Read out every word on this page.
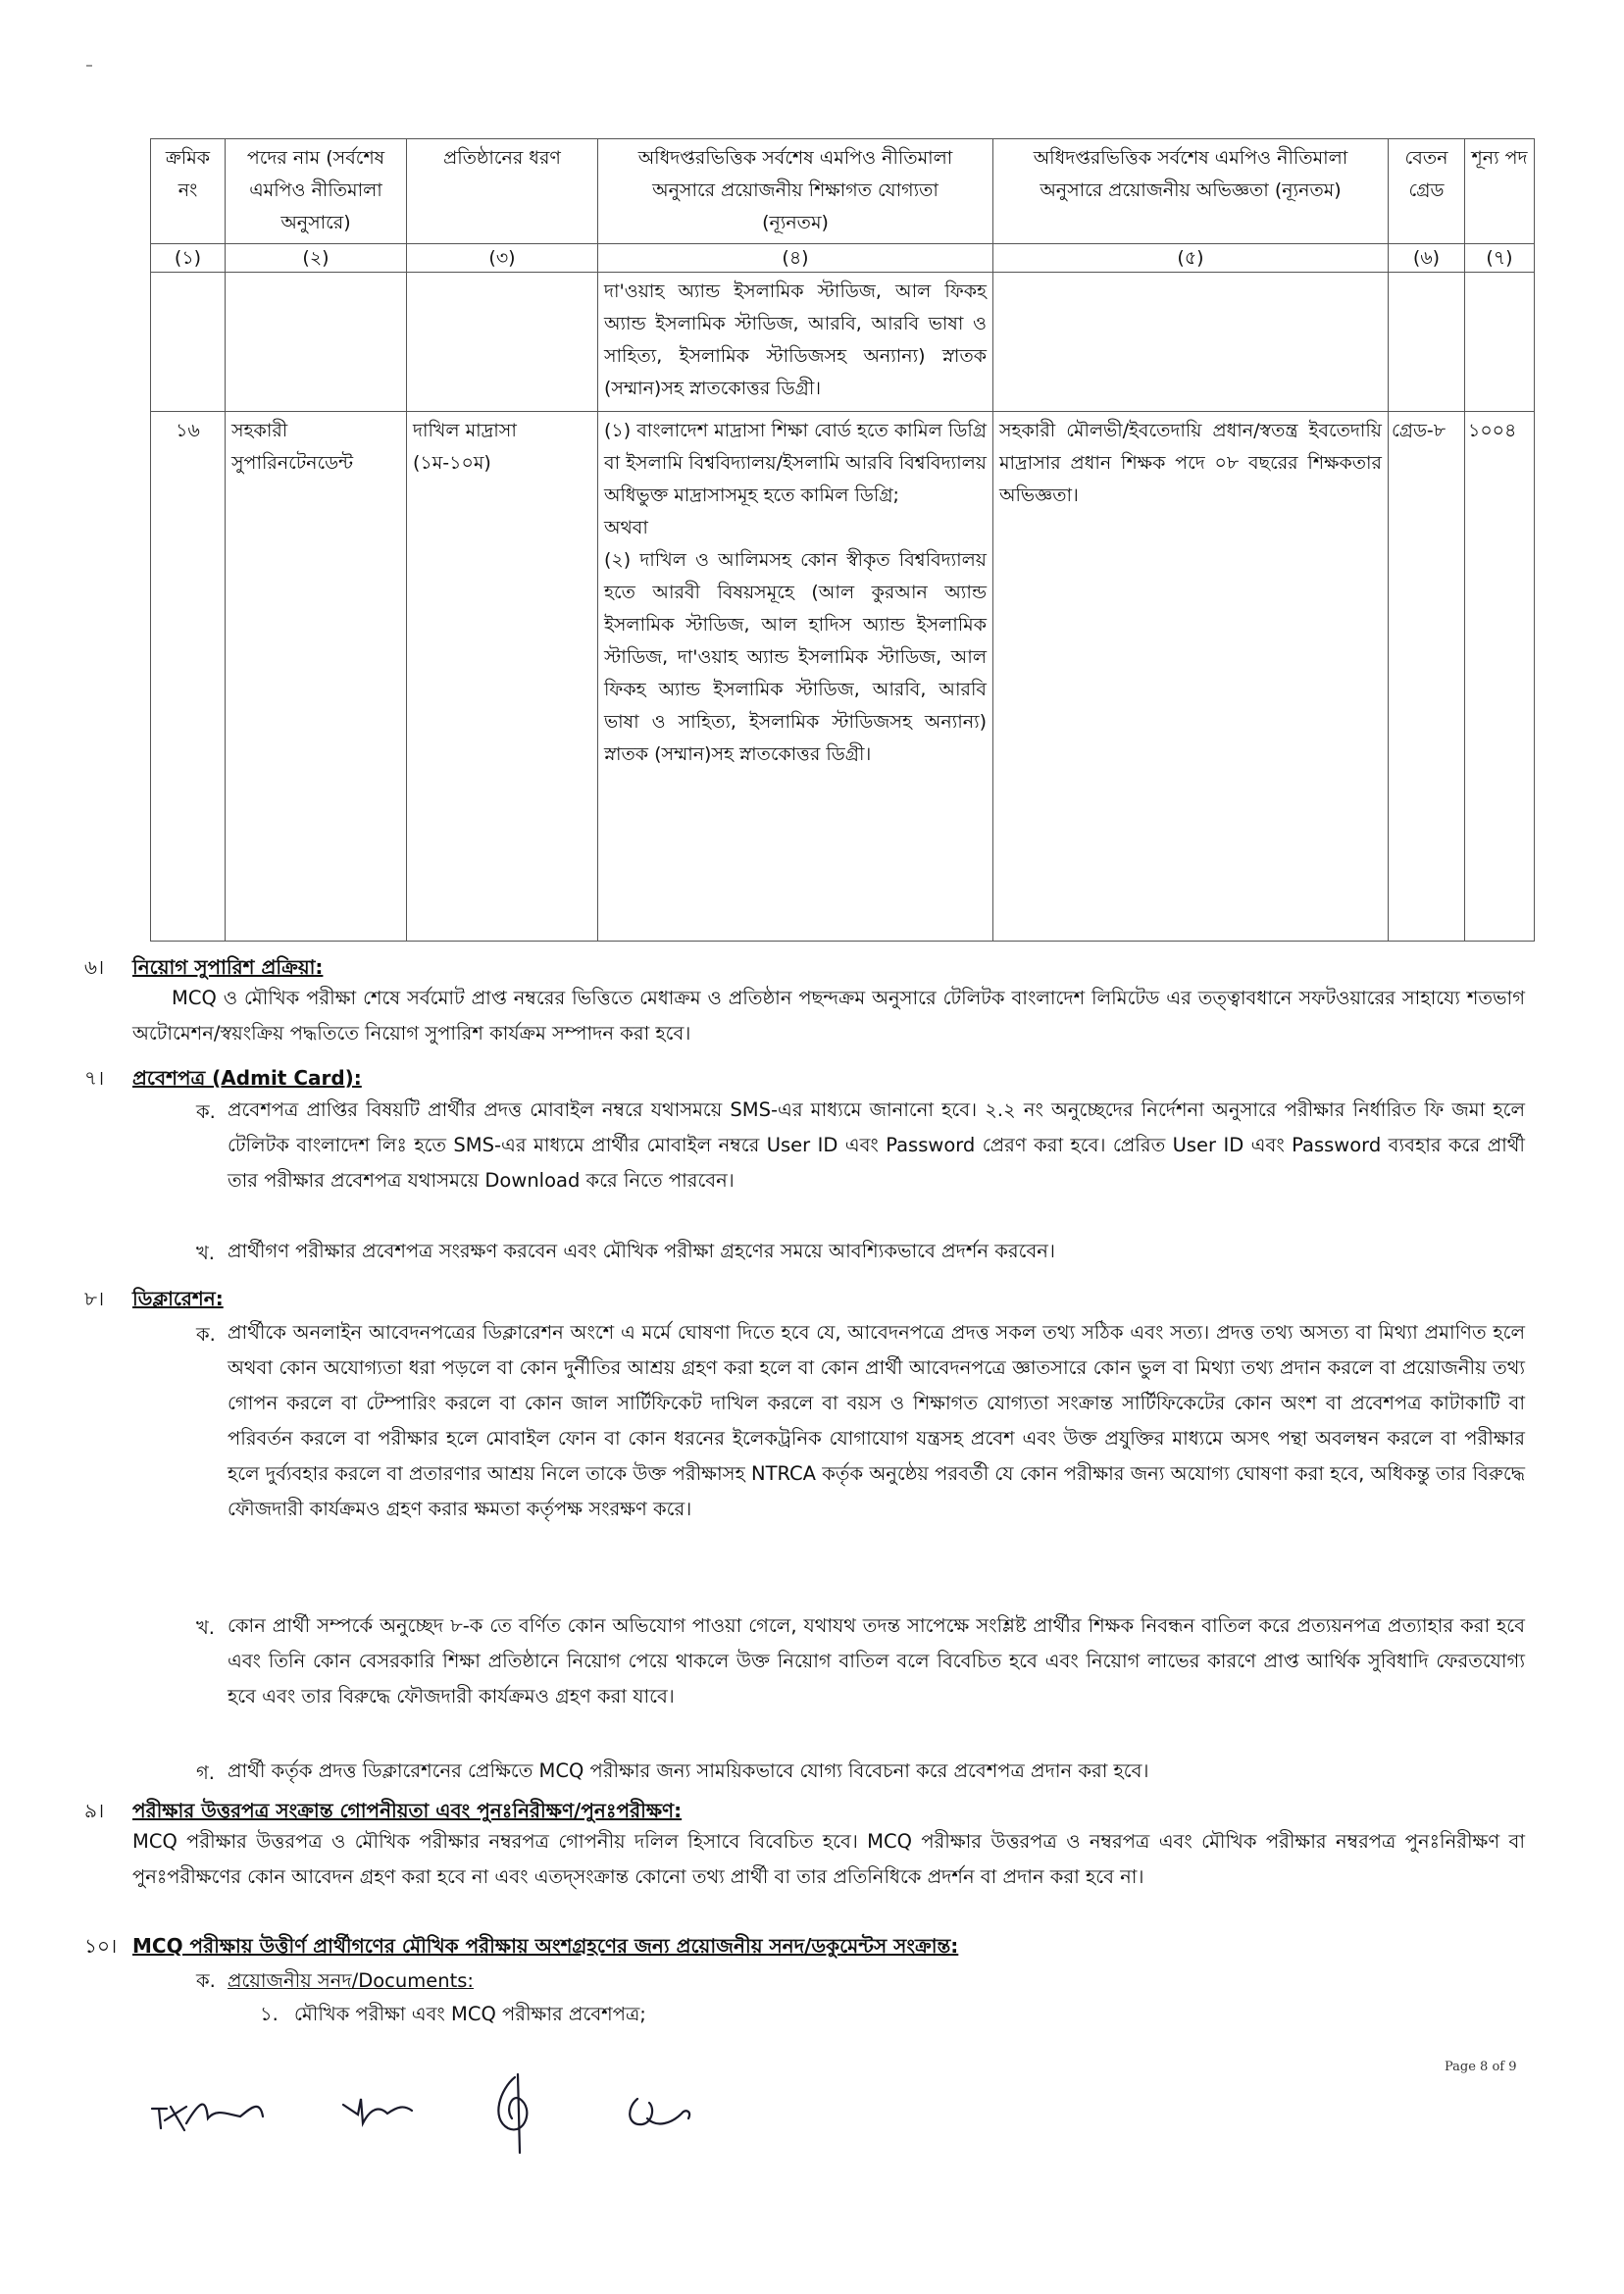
ক্রমিক নং	পদের নাম (সর্বশেষ এমপিও নীতিমালা অনুসারে)	প্রতিষ্ঠানের ধরণ	অধিদপ্তরভিত্তিক সর্বশেষ এমপিও নীতিমালা অনুসারে প্রয়োজনীয় শিক্ষাগত যোগ্যতা (ন্যূনতম)	অধিদপ্তরভিত্তিক সর্বশেষ এমপিও নীতিমালা অনুসারে প্রয়োজনীয় অভিজ্ঞতা (ন্যূনতম)	বেতন গ্রেড	শূন্য পদ
(১)	(২)	(৩)	(৪)	(৫)	(৬)	(৭)
			দা'ওয়াহ অ্যান্ড ইসলামিক স্টাডিজ, আল ফিকহ অ্যান্ড ইসলামিক স্টাডিজ, আরবি, আরবি ভাষা ও সাহিত্য, ইসলামিক স্টাডিজসহ অন্যান্য) স্নাতক (সম্মান)সহ স্নাতকোত্তর ডিগ্রী।			
১৬	সহকারী সুপারিনটেনডেন্ট	দাখিল মাদ্রাসা (১ম-১০ম)	(১) বাংলাদেশ মাদ্রাসা শিক্ষা বোর্ড হতে কামিল ডিগ্রি বা ইসলামি বিশ্ববিদ্যালয়/ইসলামি আরবি বিশ্ববিদ্যালয় অধিভুক্ত মাদ্রাসাসমূহ হতে কামিল ডিগ্রি;
অথবা
(২) দাখিল ও আলিমসহ কোন স্বীকৃত বিশ্ববিদ্যালয় হতে আরবী বিষয়সমূহে (আল কুরআন অ্যান্ড ইসলামিক স্টাডিজ, আল হাদিস অ্যান্ড ইসলামিক স্টাডিজ, দা'ওয়াহ অ্যান্ড ইসলামিক স্টাডিজ, আল ফিকহ অ্যান্ড ইসলামিক স্টাডিজ, আরবি, আরবি ভাষা ও সাহিত্য, ইসলামিক স্টাডিজসহ অন্যান্য) স্নাতক (সম্মান)সহ স্নাতকোত্তর ডিগ্রী।	সহকারী মৌলভী/ইবতেদায়ি প্রধান/স্বতন্ত্র ইবতেদায়ি মাদ্রাসার প্রধান শিক্ষক পদে ০৮ বছরের শিক্ষকতার অভিজ্ঞতা।	গ্রেড-৮	১০০৪
৬। নিয়োগ সুপারিশ প্রক্রিয়া:
MCQ ও মৌখিক পরীক্ষা শেষে সর্বমোট প্রাপ্ত নম্বরের ভিত্তিতে মেধাক্রম ও প্রতিষ্ঠান পছন্দক্রম অনুসারে টেলিটক বাংলাদেশ লিমিটেড এর তত্ত্বাবধানে সফটওয়ারের সাহায্যে শতভাগ অটোমেশন/স্বয়ংক্রিয় পদ্ধতিতে নিয়োগ সুপারিশ কার্যক্রম সম্পাদন করা হবে।
৭। প্রবেশপত্র (Admit Card):
ক. প্রবেশপত্র প্রাপ্তির বিষয়টি প্রার্থীর প্রদত্ত মোবাইল নম্বরে যথাসময়ে SMS-এর মাধ্যমে জানানো হবে। ২.২ নং অনুচ্ছেদের নির্দেশনা অনুসারে পরীক্ষার নির্ধারিত ফি জমা হলে টেলিটক বাংলাদেশ লিঃ হতে SMS-এর মাধ্যমে প্রার্থীর মোবাইল নম্বরে User ID এবং Password প্রেরণ করা হবে। প্রেরিত User ID এবং Password ব্যবহার করে প্রার্থী তার পরীক্ষার প্রবেশপত্র যথাসময়ে Download করে নিতে পারবেন।
খ. প্রার্থীগণ পরীক্ষার প্রবেশপত্র সংরক্ষণ করবেন এবং মৌখিক পরীক্ষা গ্রহণের সময়ে আবশ্যিকভাবে প্রদর্শন করবেন।
৮। ডিক্লারেশন:
ক. প্রার্থীকে অনলাইন আবেদনপত্রের ডিক্লারেশন অংশে এ মর্মে ঘোষণা দিতে হবে যে, আবেদনপত্রে প্রদত্ত সকল তথ্য সঠিক এবং সত্য। প্রদত্ত তথ্য অসত্য বা মিথ্যা প্রমাণিত হলে অথবা কোন অযোগ্যতা ধরা পড়লে বা কোন দুর্নীতির আশ্রয় গ্রহণ করা হলে বা কোন প্রার্থী আবেদনপত্রে জ্ঞাতসারে কোন ভুল বা মিথ্যা তথ্য প্রদান করলে বা প্রয়োজনীয় তথ্য গোপন করলে বা টেম্পারিং করলে বা কোন জাল সার্টিফিকেট দাখিল করলে বা বয়স ও শিক্ষাগত যোগ্যতা সংক্রান্ত সার্টিফিকেটের কোন অংশ বা প্রবেশপত্র কাটাকাটি বা পরিবর্তন করলে বা পরীক্ষার হলে মোবাইল ফোন বা কোন ধরনের ইলেকট্রনিক যোগাযোগ যন্ত্রসহ প্রবেশ এবং উক্ত প্রযুক্তির মাধ্যমে অসৎ পন্থা অবলম্বন করলে বা পরীক্ষার হলে দুর্ব্যবহার করলে বা প্রতারণার আশ্রয় নিলে তাকে উক্ত পরীক্ষাসহ NTRCA কর্তৃক অনুষ্ঠেয় পরবর্তী যে কোন পরীক্ষার জন্য অযোগ্য ঘোষণা করা হবে, অধিকন্তু তার বিরুদ্ধে ফৌজদারী কার্যক্রমও গ্রহণ করার ক্ষমতা কর্তৃপক্ষ সংরক্ষণ করে।
খ. কোন প্রার্থী সম্পর্কে অনুচ্ছেদ ৮-ক তে বর্ণিত কোন অভিযোগ পাওয়া গেলে, যথাযথ তদন্ত সাপেক্ষে সংশ্লিষ্ট প্রার্থীর শিক্ষক নিবন্ধন বাতিল করে প্রত্যয়নপত্র প্রত্যাহার করা হবে এবং তিনি কোন বেসরকারি শিক্ষা প্রতিষ্ঠানে নিয়োগ পেয়ে থাকলে উক্ত নিয়োগ বাতিল বলে বিবেচিত হবে এবং নিয়োগ লাভের কারণে প্রাপ্ত আর্থিক সুবিধাদি ফেরতযোগ্য হবে এবং তার বিরুদ্ধে ফৌজদারী কার্যক্রমও গ্রহণ করা যাবে।
গ. প্রার্থী কর্তৃক প্রদত্ত ডিক্লারেশনের প্রেক্ষিতে MCQ পরীক্ষার জন্য সাময়িকভাবে যোগ্য বিবেচনা করে প্রবেশপত্র প্রদান করা হবে।
৯। পরীক্ষার উত্তরপত্র সংক্রান্ত গোপনীয়তা এবং পুনঃনিরীক্ষণ/পুনঃপরীক্ষণ:
MCQ পরীক্ষার উত্তরপত্র ও মৌখিক পরীক্ষার নম্বরপত্র গোপনীয় দলিল হিসাবে বিবেচিত হবে। MCQ পরীক্ষার উত্তরপত্র ও নম্বরপত্র এবং মৌখিক পরীক্ষার নম্বরপত্র পুনঃনিরীক্ষণ বা পুনঃপরীক্ষণের কোন আবেদন গ্রহণ করা হবে না এবং এতদ্সংক্রান্ত কোনো তথ্য প্রার্থী বা তার প্রতিনিধিকে প্রদর্শন বা প্রদান করা হবে না।
১০। MCQ পরীক্ষায় উত্তীর্ণ প্রার্থীগণের মৌখিক পরীক্ষায় অংশগ্রহণের জন্য প্রয়োজনীয় সনদ/ডকুমেন্টস সংক্রান্ত:
ক. প্রয়োজনীয় সনদ/Documents:
১. মৌখিক পরীক্ষা এবং MCQ পরীক্ষার প্রবেশপত্র;
Page 8 of 9
